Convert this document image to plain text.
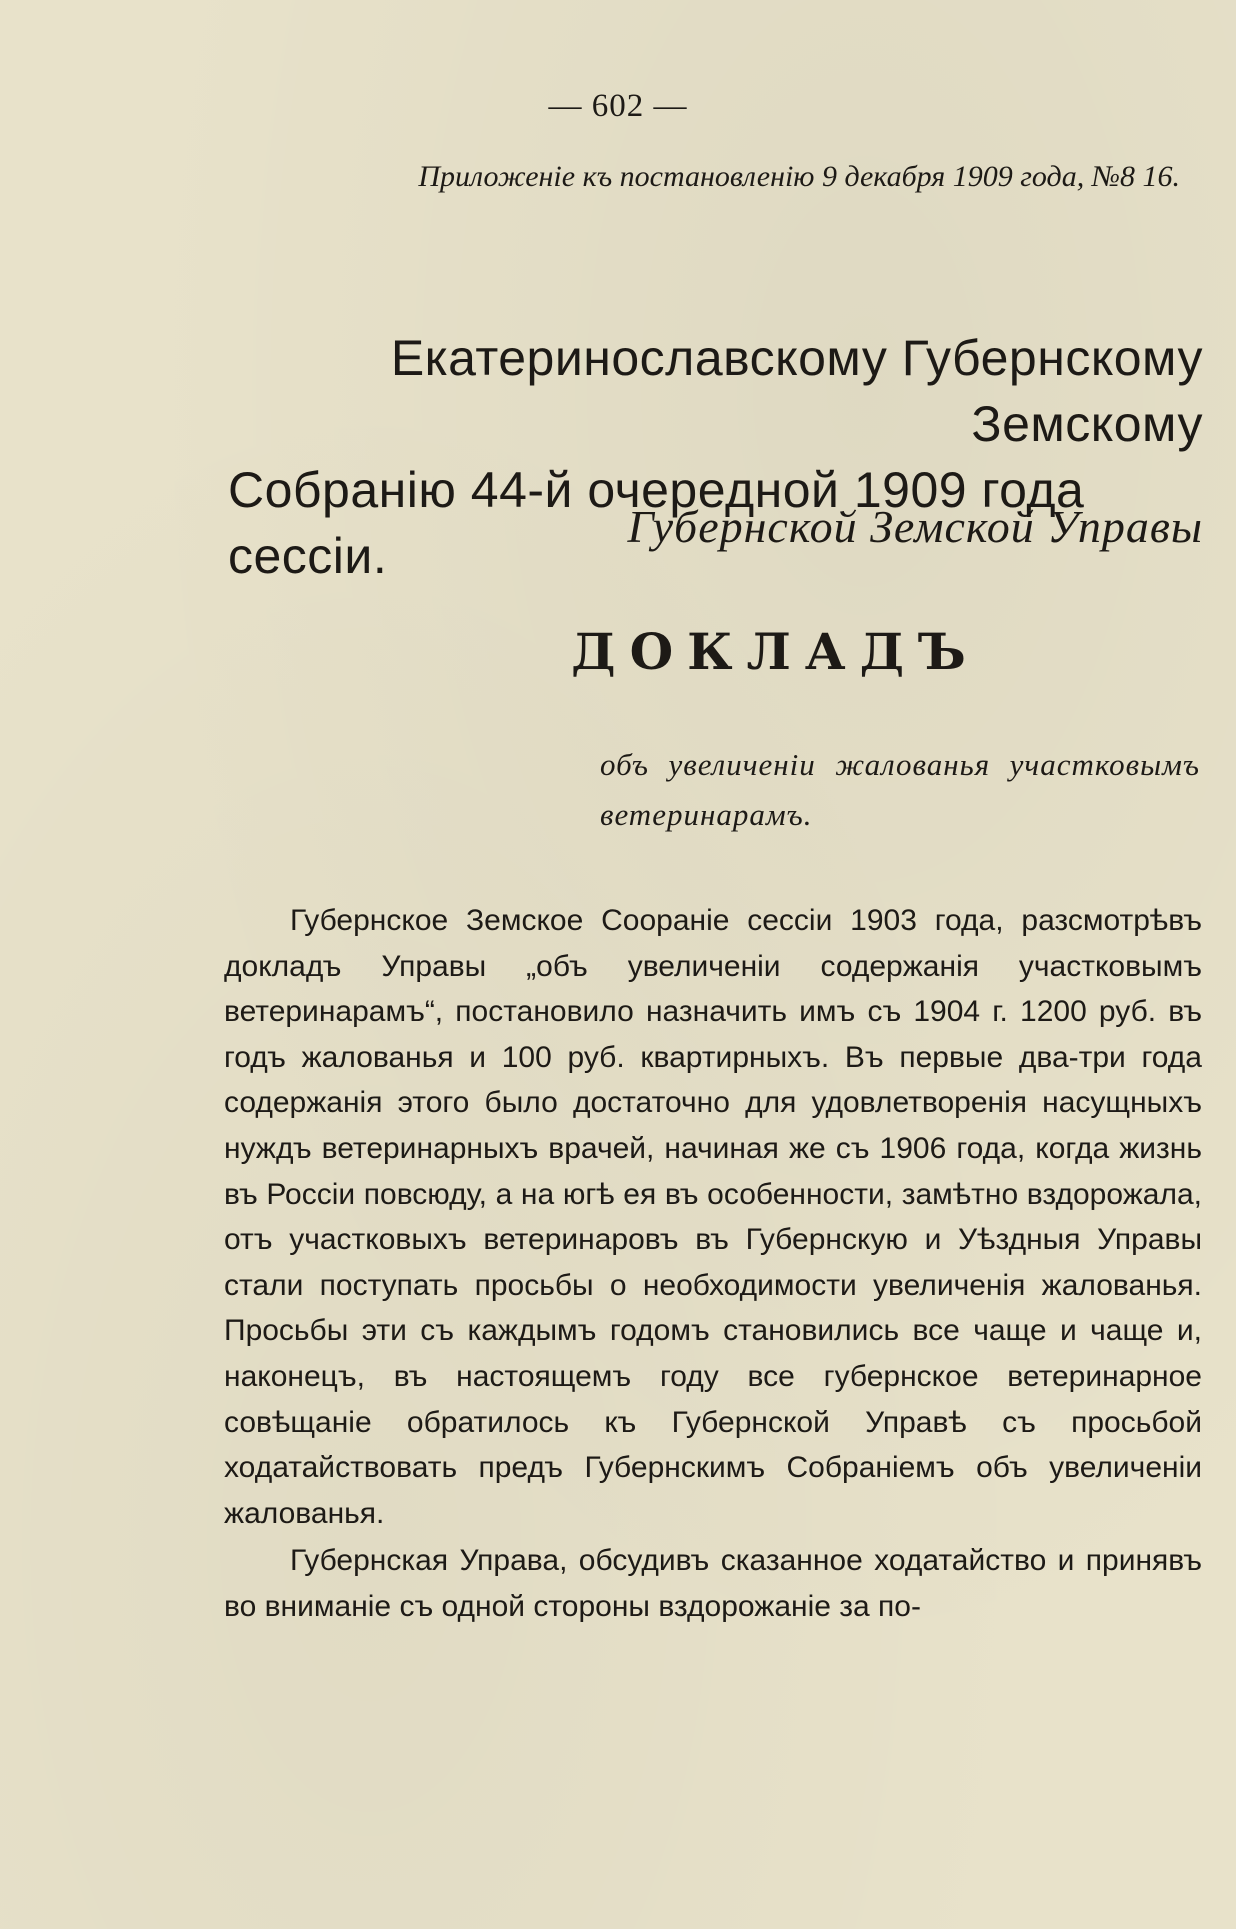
— 602 —
Приложеніе къ постановленію 9 декабря 1909 года, №8 16.
Екатеринославскому Губернскому Земскому
Собранію 44-й очередной 1909 года сессіи.
Губернской Земской Управы
ДОКЛАДЪ
объ увеличеніи жалованья участковымъ ветеринарамъ.

Губернское Земское Сооранiе сессiи 1903 года, разсмотрѣвъ докладъ Управы „объ увеличенiи содержанiя участковымъ ветеринарамъ“, постановило назначить имъ съ 1904 г. 1200 руб. въ годъ жалованья и 100 руб. квартирныхъ. Въ первые два-три года содержанiя этого было достаточно для удовлетворенiя насущныхъ нуждъ ветеринарныхъ врачей, начиная же съ 1906 года, когда жизнь въ Россiи повсюду, а на югѣ ея въ особенности, замѣтно вздорожала, отъ участковыхъ ветеринаровъ въ Губернскую и Уѣздныя Управы стали поступать просьбы о необходимости увеличенiя жалованья. Просьбы эти съ каждымъ годомъ становились все чаще и чаще и, наконецъ, въ настоящемъ году все губернское ветеринарное совѣщанiе обратилось къ Губернской Управѣ съ просьбой ходатайствовать предъ Губернскимъ Собранiемъ объ увеличенiи жалованья.

Губернская Управа, обсудивъ сказанное ходатайство и принявъ во вниманiе съ одной стороны вздорожанiе за по-
